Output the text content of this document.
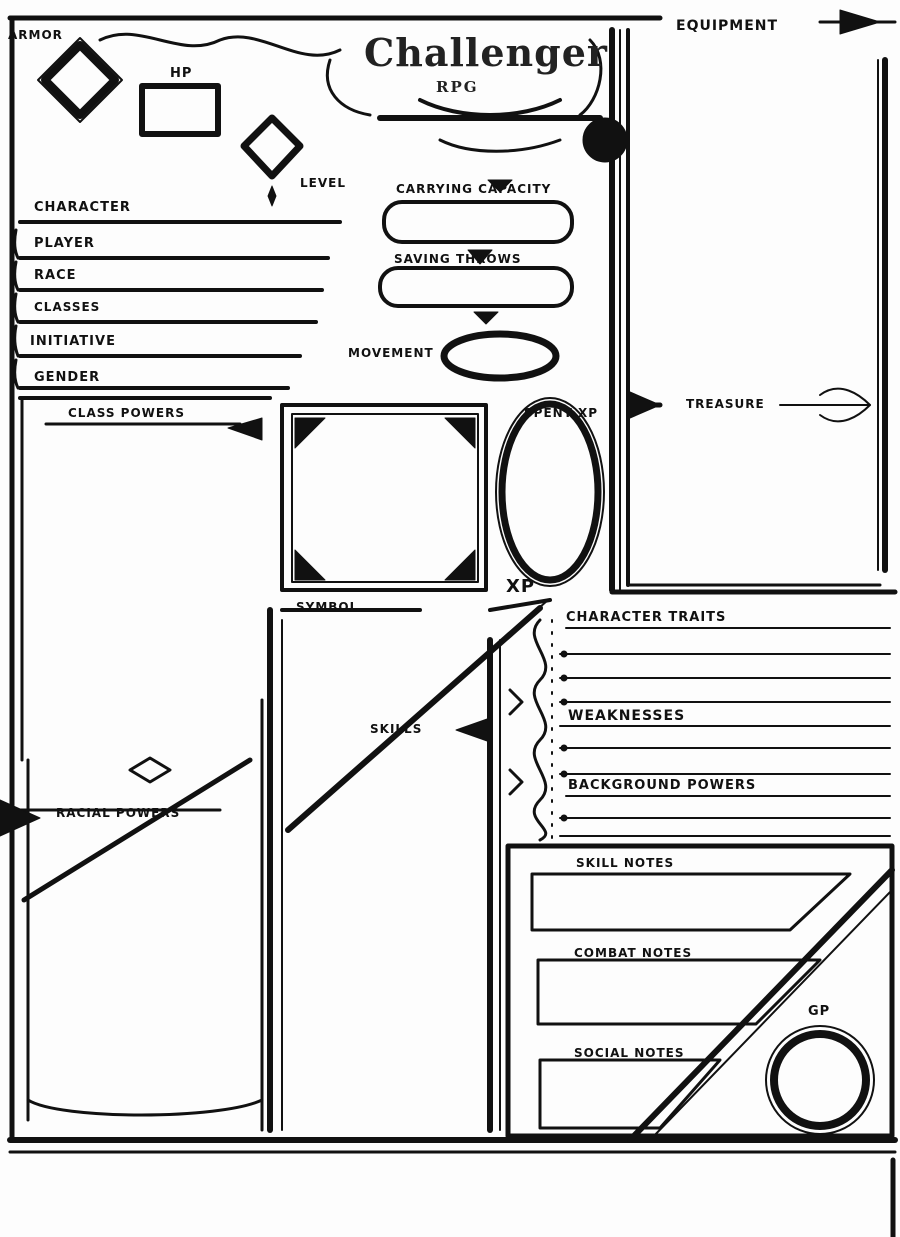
Challenger
RPG
ARMOR
HP
LEVEL
CHARACTER
PLAYER
RACE
CLASSES
INITIATIVE
GENDER
CARRYING CAPACITY
SAVING THROWS
MOVEMENT
CLASS POWERS	SPENT XP
XP
EQUIPMENT
TREASURE
SYMBOL
SKILLS
RACIAL POWERS
CHARACTER TRAITS
WEAKNESSES
BACKGROUND POWERS
SKILL NOTES
COMBAT NOTES
SOCIAL NOTES
GP
